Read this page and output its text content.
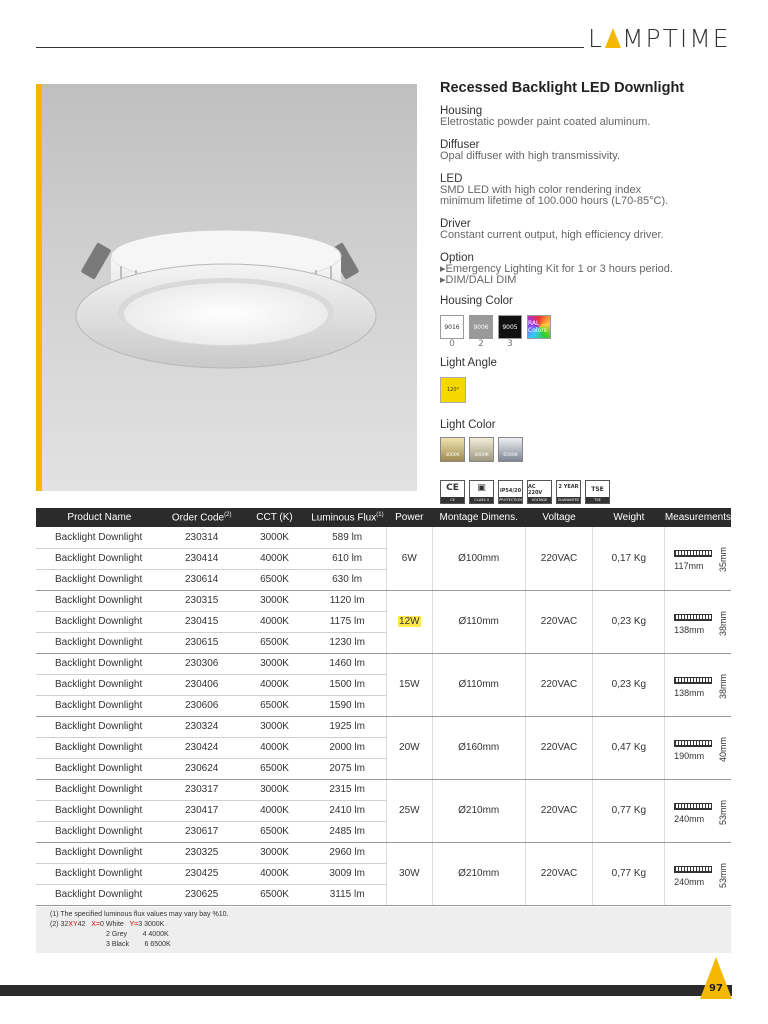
L MPTIME
Recessed Backlight LED Downlight
Housing
Eletrostatic powder paint coated aluminum.
Diffuser
Opal diffuser with high transmissivity.
LED
SMD LED with high color rendering index
minimum lifetime of 100.000 hours (L70-85°C).
Driver
Constant current output, high efficiency driver.
Option
▸Emergency Lighting Kit for 1 or 3 hours period.
▸DIM/DALI DIM
Housing Color
9016	9006	9005	RAL Colors
0	2	3
Light Angle
120°
Light Color
3000K	4000K	6500K
CE
CE
▣
CLASS II
IP54/20
PROTECTION
AC 220V
VOLTAGE
2 YEAR
GUARANTEE
TSE
TSE
Product Name	Order Code$^{(2)}$	CCT (K)	Luminous Flux$^{(1)}$	Power	Montage Dimens.	Voltage	Weight	Measurements
Backlight Downlight	230314	3000K	589 lm	6W	Ø100mm	220VAC	0,17 Kg	117mm 35mm

Backlight Downlight	230414	4000K	610 lm					
Backlight Downlight	230614	6500K	630 lm					
Backlight Downlight	230315	3000K	1120 lm	12W	Ø110mm	220VAC	0,23 Kg	138mm 38mm

Backlight Downlight	230415	4000K	1175 lm					
Backlight Downlight	230615	6500K	1230 lm					
Backlight Downlight	230306	3000K	1460 lm	15W	Ø110mm	220VAC	0,23 Kg	138mm 38mm

Backlight Downlight	230406	4000K	1500 lm					
Backlight Downlight	230606	6500K	1590 lm					
Backlight Downlight	230324	3000K	1925 lm	20W	Ø160mm	220VAC	0,47 Kg	190mm 40mm

Backlight Downlight	230424	4000K	2000 lm					
Backlight Downlight	230624	6500K	2075 lm					
Backlight Downlight	230317	3000K	2315 lm	25W	Ø210mm	220VAC	0,77 Kg	240mm 53mm

Backlight Downlight	230417	4000K	2410 lm					
Backlight Downlight	230617	6500K	2485 lm					
Backlight Downlight	230325	3000K	2960 lm	30W	Ø210mm	220VAC	0,77 Kg	240mm 53mm

Backlight Downlight	230425	4000K	3009 lm					
Backlight Downlight	230625	6500K	3115 lm					
(1) The specified luminous flux values may vary bay %10.
(2) 32XY42 X=0 White Y=3 3000K
2 Grey 4 4000K
3 Black 6 6500K
97
